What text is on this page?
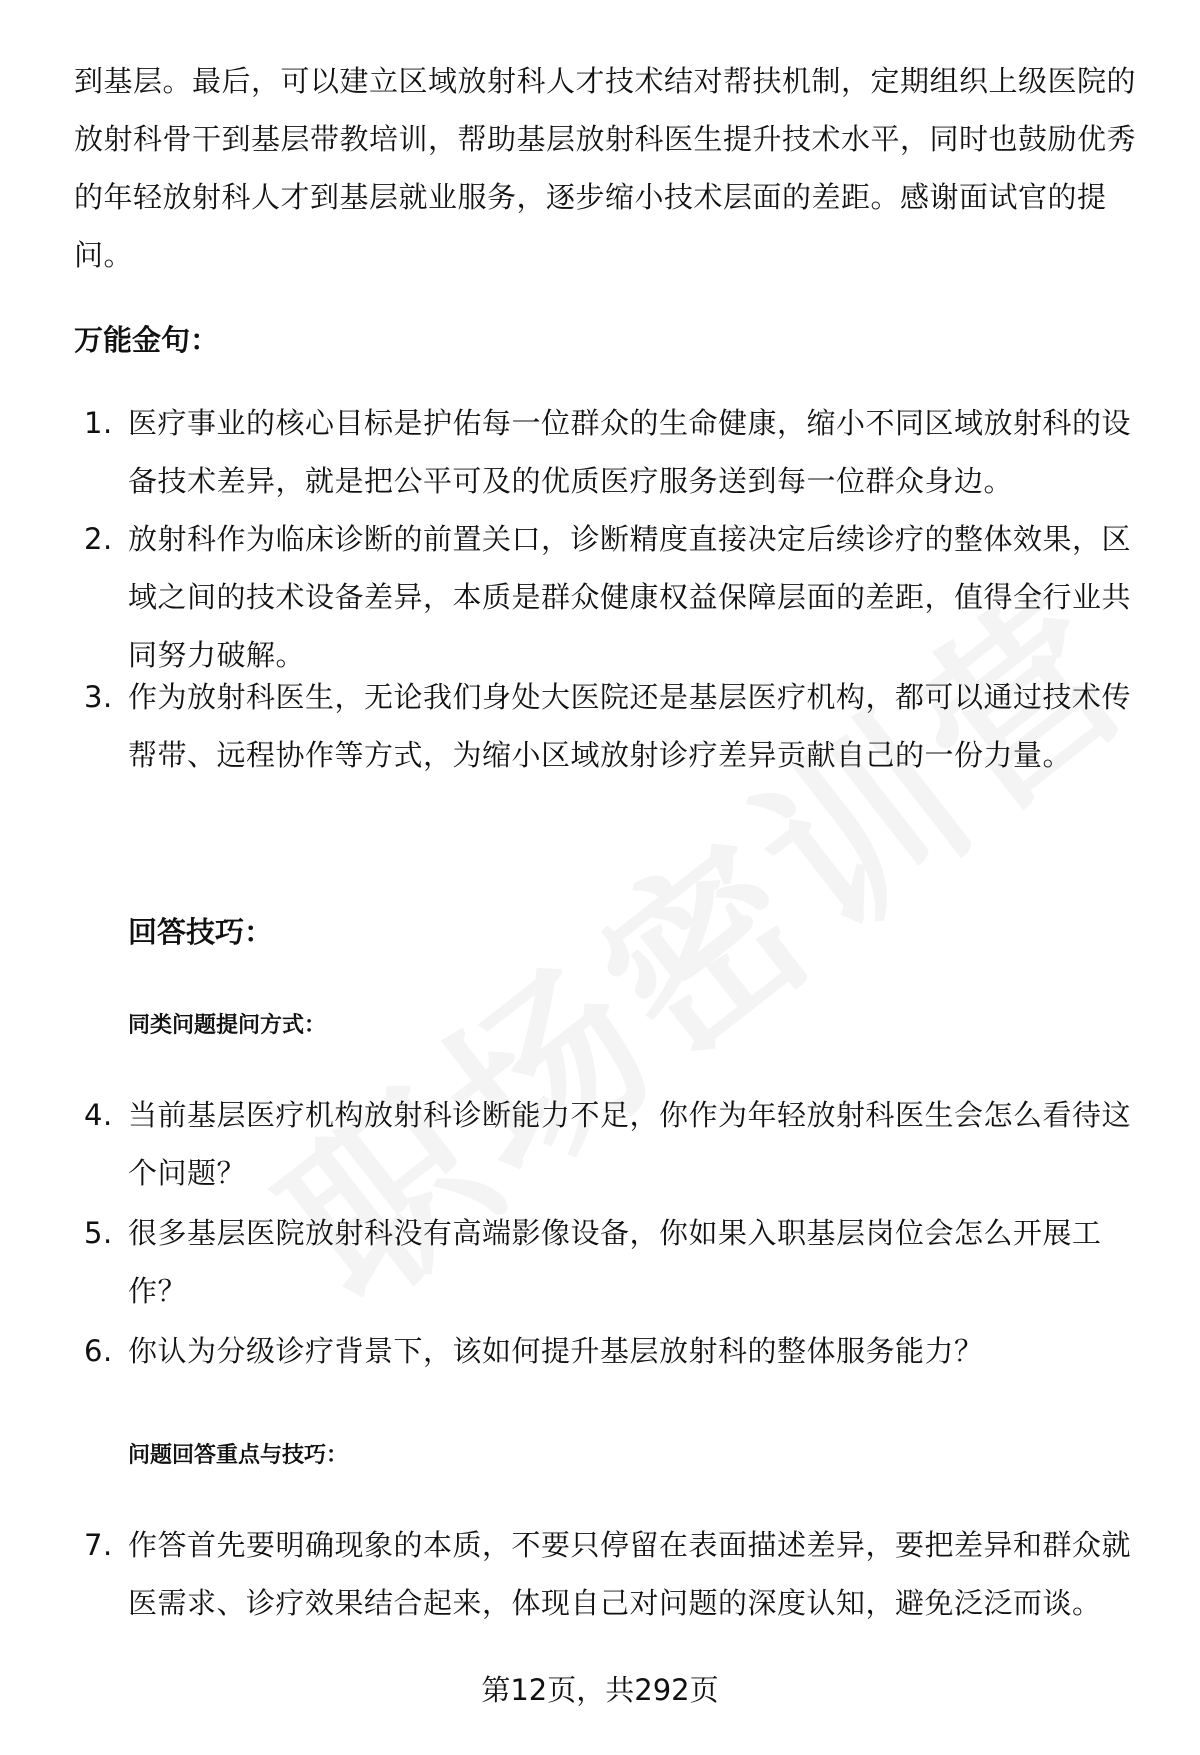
到基层。最后，可以建立区域放射科人才技术结对帮扶机制，定期组织上级医院的放射科骨干到基层带教培训，帮助基层放射科医生提升技术水平，同时也鼓励优秀的年轻放射科人才到基层就业服务，逐步缩小技术层面的差距。感谢面试官的提问。

万能金句：
1. 医疗事业的核心目标是护佑每一位群众的生命健康，缩小不同区域放射科的设备技术差异，就是把公平可及的优质医疗服务送到每一位群众身边。
2. 放射科作为临床诊断的前置关口，诊断精度直接决定后续诊疗的整体效果，区域之间的技术设备差异，本质是群众健康权益保障层面的差距，值得全行业共同努力破解。
3. 作为放射科医生，无论我们身处大医院还是基层医疗机构，都可以通过技术传帮带、远程协作等方式，为缩小区域放射诊疗差异贡献自己的一份力量。
回答技巧：
同类问题提问方式：
4. 当前基层医疗机构放射科诊断能力不足，你作为年轻放射科医生会怎么看待这个问题？
5. 很多基层医院放射科没有高端影像设备，你如果入职基层岗位会怎么开展工作？
6. 你认为分级诊疗背景下，该如何提升基层放射科的整体服务能力？
问题回答重点与技巧：
7. 作答首先要明确现象的本质，不要只停留在表面描述差异，要把差异和群众就医需求、诊疗效果结合起来，体现自己对问题的深度认知，避免泛泛而谈。
第12页，共292页
